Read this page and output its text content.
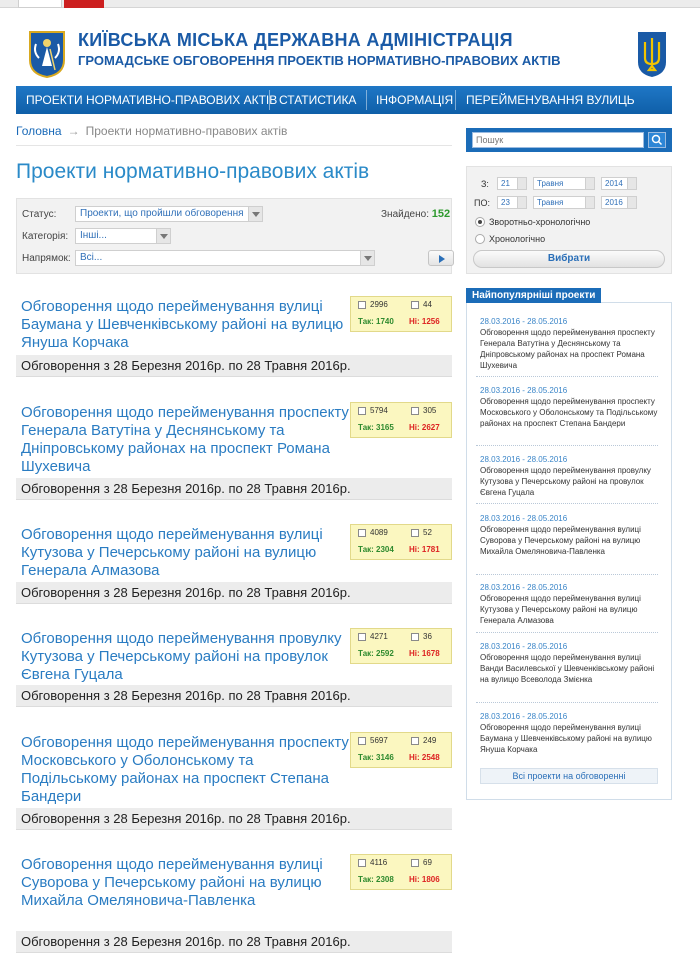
КИЇВСЬКА МІСЬКА ДЕРЖАВНА АДМІНІСТРАЦІЯ
ГРОМАДСЬКЕ ОБГОВОРЕННЯ ПРОЕКТІВ НОРМАТИВНО-ПРАВОВИХ АКТІВ
ПРОЕКТИ НОРМАТИВНО-ПРАВОВИХ АКТІВ СТАТИСТИКА ІНФОРМАЦІЯ ПЕРЕЙМЕНУВАННЯ ВУЛИЦЬ
Головна → Проекти нормативно-правових актів
Проекти нормативно-правових актів
Статус:	Проекти, що пройшли обговорення	Знайдено: 152
Категорія:	Інші...
Напрямок: Всі...
Обговорення щодо перейменування вулиці Баумана у Шевченківському районі на вулицю Януша Корчака
2996	44
Так: 1740 Ні: 1256
Обговорення з 28 Березня 2016р. по 28 Травня 2016р.
Обговорення щодо перейменування проспекту Генерала Ватутіна у Деснянському та Дніпровському районах на проспект Романа Шухевича
5794	305
Так: 3165 Ні: 2627
Обговорення з 28 Березня 2016р. по 28 Травня 2016р.
Обговорення щодо перейменування вулиці Кутузова у Печерському районі на вулицю Генерала Алмазова
4089	52
Так: 2304 Ні: 1781
Обговорення з 28 Березня 2016р. по 28 Травня 2016р.
Обговорення щодо перейменування провулку Кутузова у Печерському районі на провулок Євгена Гуцала
4271	36
Так: 2592 Ні: 1678
Обговорення з 28 Березня 2016р. по 28 Травня 2016р.
Обговорення щодо перейменування проспекту Московського у Оболонському та Подільському районах на проспект Степана Бандери
5697	249
Так: 3146 Ні: 2548
Обговорення з 28 Березня 2016р. по 28 Травня 2016р.
Обговорення щодо перейменування вулиці Суворова у Печерському районі на вулицю Михайла Омеляновича-Павленка
4116	69
Так: 2308 Ні: 1806
Обговорення з 28 Березня 2016р. по 28 Травня 2016р.
Пошук
З:	21	Травня	2014
ПО:	23	Травня	2016
Зворотньо-хронологічно
Хронологічно
Вибрати
Найпопулярніші проекти
28.03.2016 - 28.05.2016
Обговорення щодо перейменування проспекту Генерала Ватутіна у Деснянському та Дніпровському районах на проспект Романа Шухевича
28.03.2016 - 28.05.2016
Обговорення щодо перейменування проспекту Московського у Оболонському та Подільському районах на проспект Степана Бандери
28.03.2016 - 28.05.2016
Обговорення щодо перейменування провулку Кутузова у Печерському районі на провулок Євгена Гуцала
28.03.2016 - 28.05.2016
Обговорення щодо перейменування вулиці Суворова у Печерському районі на вулицю Михайла Омеляновича-Павленка
28.03.2016 - 28.05.2016
Обговорення щодо перейменування вулиці Кутузова у Печерському районі на вулицю Генерала Алмазова
28.03.2016 - 28.05.2016
Обговорення щодо перейменування вулиці Ванди Василевської у Шевченківському районі на вулицю Всеволода Змієнка
28.03.2016 - 28.05.2016
Обговорення щодо перейменування вулиці Баумана у Шевченківському районі на вулицю Януша Корчака
Всі проекти на обговоренні
